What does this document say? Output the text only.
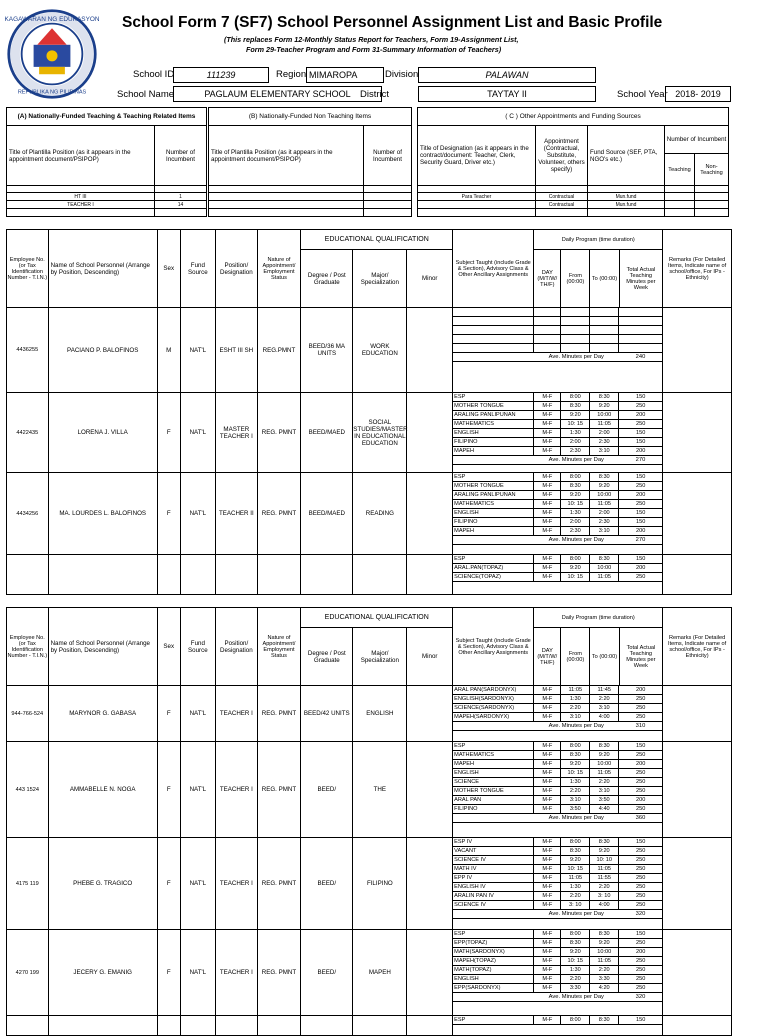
KAGAWARAN NG EDUKASYON
REPUBLIKA NG PILIPINAS
School Form 7 (SF7) School Personnel Assignment List and Basic Profile
(This replaces Form 12-Monthly Status Report for Teachers, Form 19-Assignment List,
Form 29-Teacher Program and Form 31-Summary Information of Teachers)
School ID	111239	Region MIMAROPA	Division	PALAWAN
School Name	PAGLAUM ELEMENTARY SCHOOL District	TAYTAY II	School Year 2018- 2019
(A) Nationally-Funded Teaching & Teaching Related Items	
Title of Plantilla Position (as it appears in the appointment document/PSIPOP)	Number of Incumbent

HT III	1
TEACHER I	14

(B) Nationally-Funded Non Teaching Items	
Title of Plantilla Position (as it appears in the appointment document/PSIPOP)	Number of Incumbent

( C ) Other Appointments and Funding Sources				
Title of Designation (as it appears in the contract/document: Teacher, Clerk, Security Guard, Driver etc.)	Appointment (Contractual, Substitute, Volunteer, others specify)	Fund Source (SEF, PTA, NGO's etc.)	Number of Incumbent	
			Teaching	Non-Teaching

Para Teacher	Contractual	Mun.fund		
	Contractual	Mun.fund		

Employee No. (or Tax Identification Number - T.I.N.)	Name of School Personnel (Arrange by Position, Descending)	Sex	Fund Source	Position/ Designation	Nature of Appointment/ Employment Status	EDUCATIONAL QUALIFICATION	Subject Taught (include Grade & Section), Advisory Class & Other Ancillary Assignments	Daily Program (time duration)	Remarks (For Detailed Items, Indicate name of school/office, For IPs - Ethnicity)
Degree / Post Graduate	Major/ Specialization	Minor	DAY (M/T/W/ TH/F)	From (00:00)	To (00:00)	Total Actual Teaching Minutes per Week
4436255	PACIANO P. BALOFINOS	M	NAT'L	ESHT III SH	REG.PMNT	BEED/36 MA UNITS	WORK EDUCATION		

		Ave. Minutes per Day	240

4422435	LORENA J. VILLA	F	NAT'L	MASTER TEACHER I	REG. PMNT	BEED/MAED	SOCIAL STUDIES/MASTER IN EDUCATIONAL EDUCATION		
ESP	M-F	8:00	8:30	150
MOTHER TONGUE	M-F	8:30	9:20	250
ARALING PANLIPUNAN	M-F	9:20	10:00	200
MATHEMATICS	M-F	10: 15	11:05	250
ENGLISH	M-F	1:30	2:00	150
FILIPINO	M-F	2:00	2:30	150
MAPEH	M-F	2:30	3:10	200
	Ave. Minutes per Day	270

4434256	MA. LOURDES L. BALOFINOS	F	NAT'L	TEACHER II	REG. PMNT	BEED/MAED	READING		
ESP	M-F	8:00	8:30	150
MOTHER TONGUE	M-F	8:30	9:20	250
ARALING PANLIPUNAN	M-F	9:20	10:00	200
MATHEMATICS	M-F	10: 15	11:05	250
ENGLISH	M-F	1:30	2:00	150
FILIPINO	M-F	2:00	2:30	150
MAPEH	M-F	2:30	3:10	200
	Ave. Minutes per Day	270

ESP	M-F	8:00	8:30	150
ARAL.PAN(TOPAZ)	M-F	9:20	10:00	200
SCIENCE(TOPAZ)	M-F	10: 15	11:05	250

Employee No. (or Tax Identification Number - T.I.N.)	Name of School Personnel (Arrange by Position, Descending)	Sex	Fund Source	Position/ Designation	Nature of Appointment/ Employment Status	EDUCATIONAL QUALIFICATION	Subject Taught (include Grade & Section), Advisory Class & Other Ancillary Assignments	Daily Program (time duration)	Remarks (For Detailed Items, Indicate name of school/office, For IPs - Ethnicity)
Degree / Post Graduate	Major/ Specialization	Minor	DAY (M/T/W/ TH/F)	From (00:00)	To (00:00)	Total Actual Teaching Minutes per Week
944-766-524	MARYNOR G. GABASA	F	NAT'L	TEACHER I	REG. PMNT	BEED/42 UNITS	ENGLISH		
ARAL PAN(SARDONYX)	M-F	11:05	11:45	200
ENGLISH(SARDONYX)	M-F	1:30	2:20	250
SCIENCE(SARDONYX)	M-F	2:20	3:10	250
MAPEH(SARDONYX)	M-F	3:10	4:00	250
	Ave. Minutes per Day	310

443 1524	AMMABELLE N. NOGA	F	NAT'L	TEACHER I	REG. PMNT	BEED/	THE		
ESP	M-F	8:00	8:30	150
MATHEMATICS	M-F	8:30	9:20	250
MAPEH	M-F	9:20	10:00	200
ENGLISH	M-F	10: 15	11:05	250
SCIENCE	M-F	1:30	2:20	250
MOTHER TONGUE	M-F	2:20	3:10	250
ARAL PAN	M-F	3:10	3:50	200
FILIPINO	M-F	3:50	4:40	250
	Ave. Minutes per Day	360

4175 119	PHEBE G. TRAGICO	F	NAT'L	TEACHER I	REG. PMNT	BEED/	FILIPINO		
ESP IV	M-F	8:00	8:30	150
VACANT	M-F	8:30	9:20	250
SCIENCE IV	M-F	9:20	10: 10	250
MATH IV	M-F	10: 15	11:05	250
EPP IV	M-F	11:05	11:55	250
ENGLISH IV	M-F	1:30	2:20	250
ARALIN PAN IV	M-F	2:20	3: 10	250
SCIENCE IV	M-F	3: 10	4:00	250
	Ave. Minutes per Day	320

4270 199	JECERY G. EMANIG	F	NAT'L	TEACHER I	REG. PMNT	BEED/	MAPEH		
ESP	M-F	8:00	8:30	150
EPP(TOPAZ)	M-F	8:30	9:20	250
MATH(SARDONYX)	M-F	9:20	10:00	200
MAPEH(TOPAZ)	M-F	10: 15	11:05	250
MATH(TOPAZ)	M-F	1:30	2:20	250
ENGLISH	M-F	2:20	3:30	250
EPP(SARDONYX)	M-F	3:30	4:20	250
	Ave. Minutes per Day	320

ESP	M-F	8:00	8:30	150
